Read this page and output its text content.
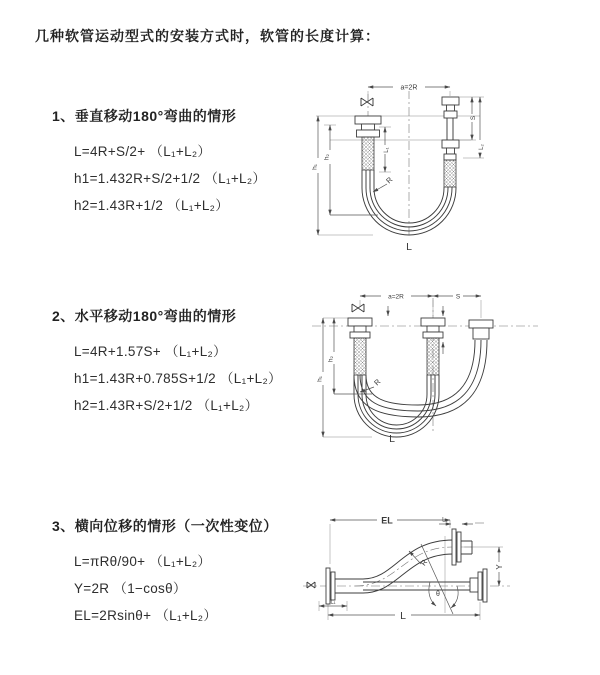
几种软管运动型式的安装方式时，软管的长度计算：
1、垂直移动180°弯曲的情形
L=4R+S/2+ （L₁+L₂）
h1=1.432R+S/2+1/2 （L₁+L₂）
h2=1.43R+1/2 （L₁+L₂）
2、水平移动180°弯曲的情形
L=4R+1.57S+ （L₁+L₂）
h1=1.43R+0.785S+1/2 （L₁+L₂）
h2=1.43R+S/2+1/2 （L₁+L₂）
3、横向位移的情形（一次性变位）
L=πRθ/90+ （L₁+L₂）
Y=2R （1−cosθ）
EL=2Rsinθ+ （L₁+L₂）
a=2R
h₁
h₂
L₁
S
L₂
R
L
a=2R	S
h₁
h₂
R
L
EL	L₂
L₁
Y
θ
R
L
